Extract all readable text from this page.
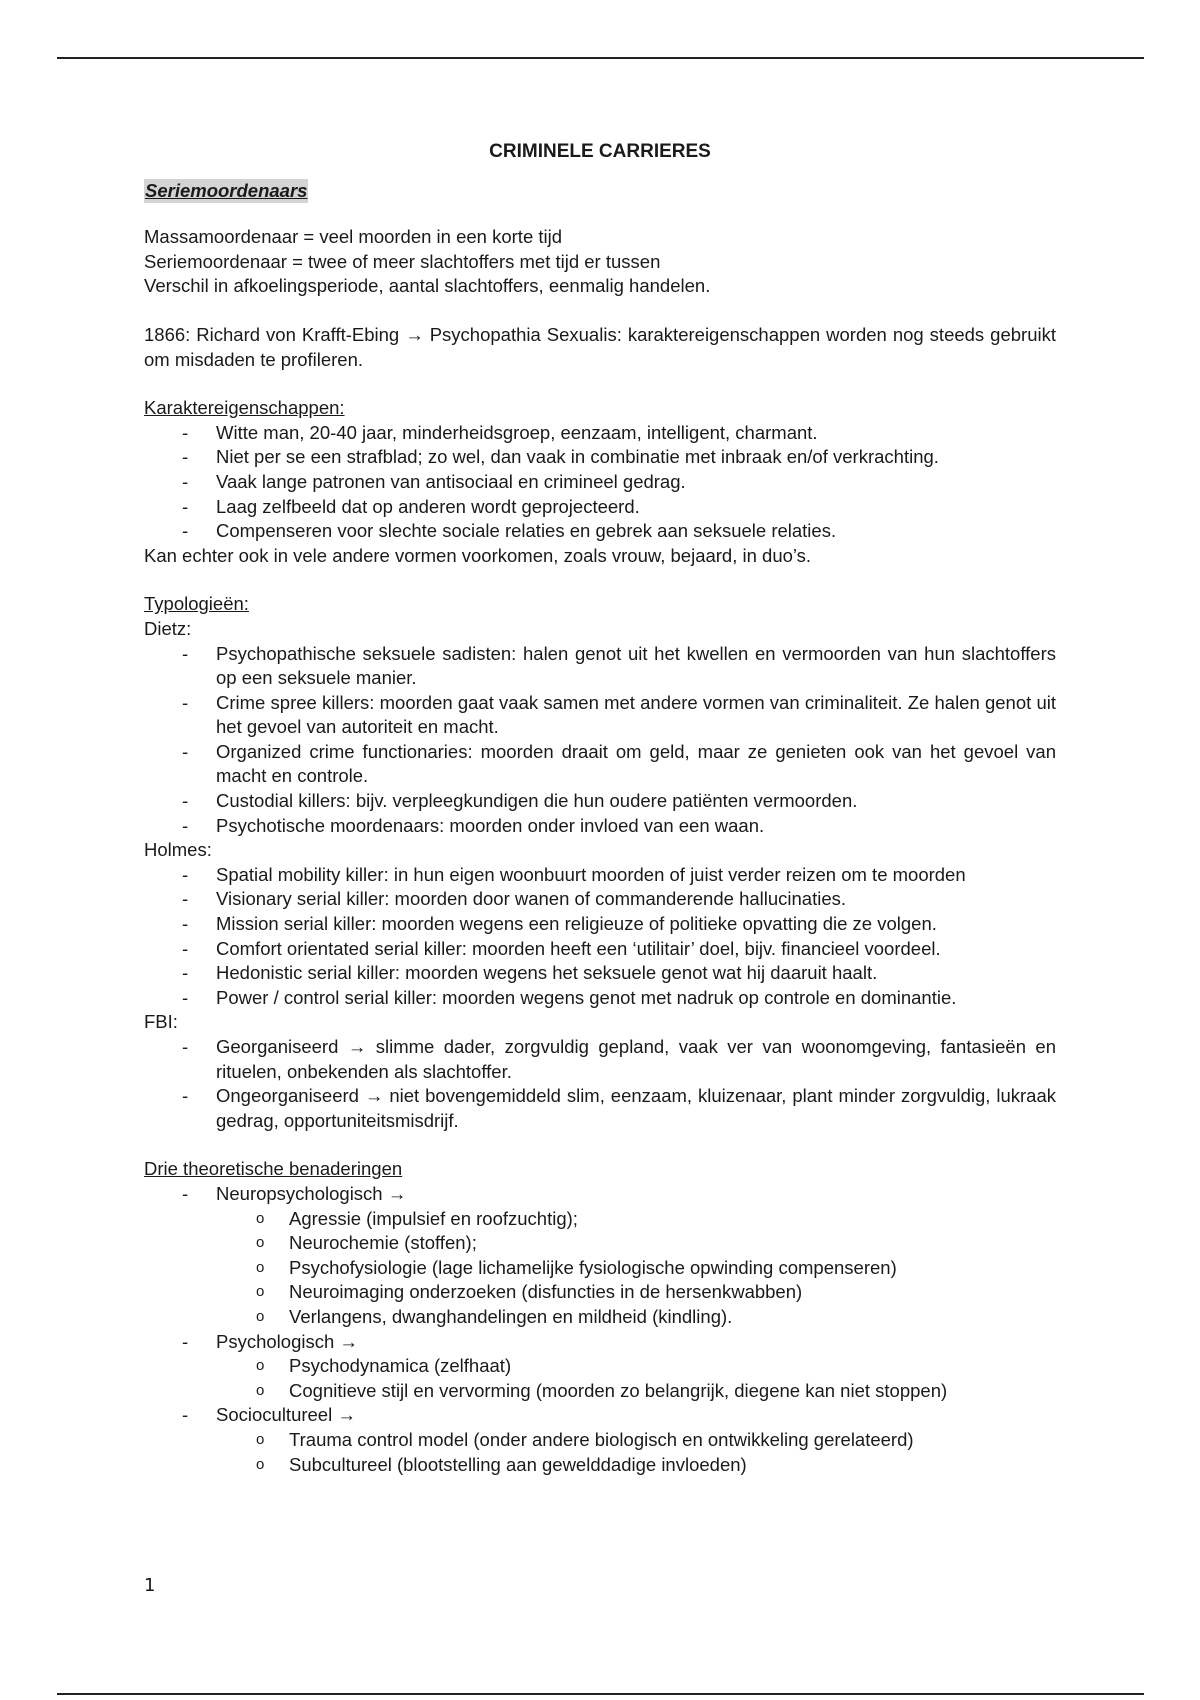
CRIMINELE CARRIERES
Seriemoordenaars

Massamoordenaar = veel moorden in een korte tijd

Seriemoordenaar = twee of meer slachtoffers met tijd er tussen

Verschil in afkoelingsperiode, aantal slachtoffers, eenmalig handelen.

1866: Richard von Krafft-Ebing → Psychopathia Sexualis: karaktereigenschappen worden nog steeds gebruikt om misdaden te profileren.

Karaktereigenschappen:

- Witte man, 20-40 jaar, minderheidsgroep, eenzaam, intelligent, charmant.
- Niet per se een strafblad; zo wel, dan vaak in combinatie met inbraak en/of verkrachting.
- Vaak lange patronen van antisociaal en crimineel gedrag.
- Laag zelfbeeld dat op anderen wordt geprojecteerd.
- Compenseren voor slechte sociale relaties en gebrek aan seksuele relaties.

Kan echter ook in vele andere vormen voorkomen, zoals vrouw, bejaard, in duo’s.

Typologieën:

Dietz:

- Psychopathische seksuele sadisten: halen genot uit het kwellen en vermoorden van hun slachtoffers op een seksuele manier.
- Crime spree killers: moorden gaat vaak samen met andere vormen van criminaliteit. Ze halen genot uit het gevoel van autoriteit en macht.
- Organized crime functionaries: moorden draait om geld, maar ze genieten ook van het gevoel van macht en controle.
- Custodial killers: bijv. verpleegkundigen die hun oudere patiënten vermoorden.
- Psychotische moordenaars: moorden onder invloed van een waan.

Holmes:

- Spatial mobility killer: in hun eigen woonbuurt moorden of juist verder reizen om te moorden
- Visionary serial killer: moorden door wanen of commanderende hallucinaties.
- Mission serial killer: moorden wegens een religieuze of politieke opvatting die ze volgen.
- Comfort orientated serial killer: moorden heeft een ‘utilitair’ doel, bijv. financieel voordeel.
- Hedonistic serial killer: moorden wegens het seksuele genot wat hij daaruit haalt.
- Power / control serial killer: moorden wegens genot met nadruk op controle en dominantie.

FBI:

- Georganiseerd → slimme dader, zorgvuldig gepland, vaak ver van woonomgeving, fantasieën en rituelen, onbekenden als slachtoffer.
- Ongeorganiseerd → niet bovengemiddeld slim, eenzaam, kluizenaar, plant minder zorgvuldig, lukraak gedrag, opportuniteitsmisdrijf.

Drie theoretische benaderingen

- Neuropsychologisch →
o Agressie (impulsief en roofzuchtig);
o Neurochemie (stoffen);
o Psychofysiologie (lage lichamelijke fysiologische opwinding compenseren)
o Neuroimaging onderzoeken (disfuncties in de hersenkwabben)
o Verlangens, dwanghandelingen en mildheid (kindling).
- Psychologisch →
o Psychodynamica (zelfhaat)
o Cognitieve stijl en vervorming (moorden zo belangrijk, diegene kan niet stoppen)
- Sociocultureel →
o Trauma control model (onder andere biologisch en ontwikkeling gerelateerd)
o Subcultureel (blootstelling aan gewelddadige invloeden)
1
